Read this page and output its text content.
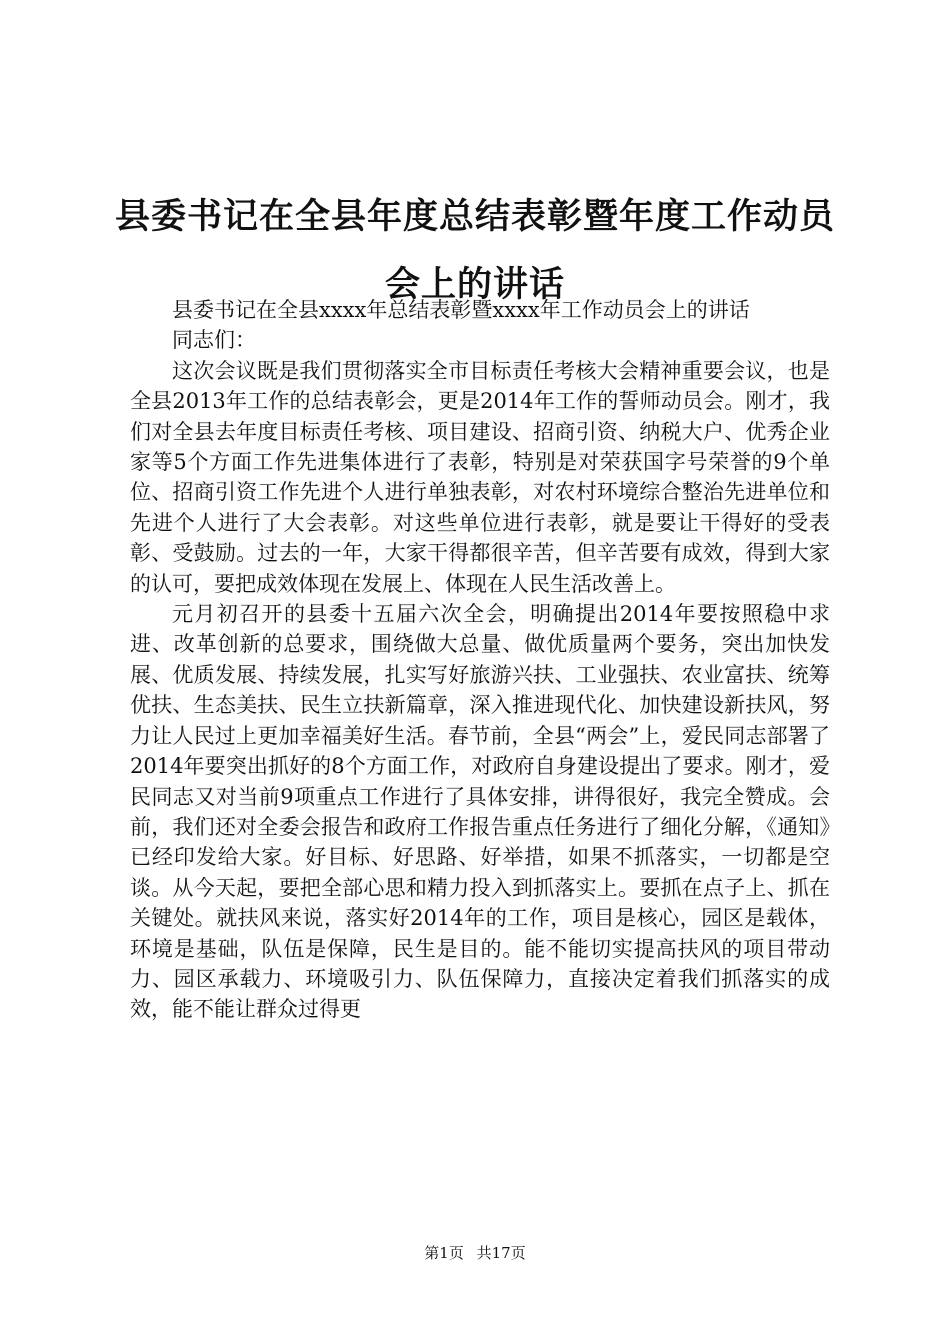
县委书记在全县年度总结表彰暨年度工作动员
会上的讲话

县委书记在全县xxxx年总结表彰暨xxxx年工作动员会上的讲话

同志们：

这次会议既是我们贯彻落实全市目标责任考核大会精神重要会议，也是全县2013年工作的总结表彰会，更是2014年工作的誓师动员会。刚才，我们对全县去年度目标责任考核、项目建设、招商引资、纳税大户、优秀企业家等5个方面工作先进集体进行了表彰，特别是对荣获国字号荣誉的9个单位、招商引资工作先进个人进行单独表彰，对农村环境综合整治先进单位和先进个人进行了大会表彰。对这些单位进行表彰，就是要让干得好的受表彰、受鼓励。过去的一年，大家干得都很辛苦，但辛苦要有成效，得到大家的认可，要把成效体现在发展上、体现在人民生活改善上。

元月初召开的县委十五届六次全会，明确提出2014年要按照稳中求进、改革创新的总要求，围绕做大总量、做优质量两个要务，突出加快发展、优质发展、持续发展，扎实写好旅游兴扶、工业强扶、农业富扶、统筹优扶、生态美扶、民生立扶新篇章，深入推进现代化、加快建设新扶风，努力让人民过上更加幸福美好生活。春节前，全县“两会”上，爱民同志部署了2014年要突出抓好的8个方面工作，对政府自身建设提出了要求。刚才，爱民同志又对当前9项重点工作进行了具体安排，讲得很好，我完全赞成。会前，我们还对全委会报告和政府工作报告重点任务进行了细化分解，《通知》已经印发给大家。好目标、好思路、好举措，如果不抓落实，一切都是空谈。从今天起，要把全部心思和精力投入到抓落实上。要抓在点子上、抓在关键处。就扶风来说，落实好2014年的工作，项目是核心，园区是载体，环境是基础，队伍是保障，民生是目的。能不能切实提高扶风的项目带动力、园区承载力、环境吸引力、队伍保障力，直接决定着我们抓落实的成效，能不能让群众过得更

第1页 共17页
